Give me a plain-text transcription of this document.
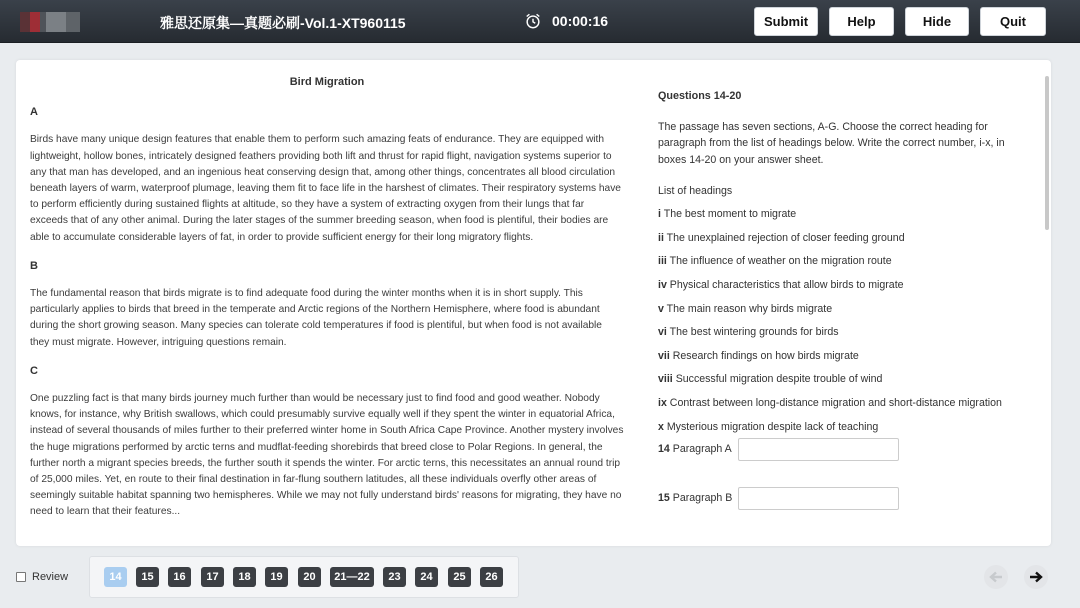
雅思还原集—真题必刷-Vol.1-XT960115	00:00:16	Submit	Help	Hide	Quit
Bird Migration
A

Birds have many unique design features that enable them to perform such amazing feats of endurance. They are equipped with lightweight, hollow bones, intricately designed feathers providing both lift and thrust for rapid flight, navigation systems superior to any that man has developed, and an ingenious heat conserving design that, among other things, concentrates all blood circulation beneath layers of warm, waterproof plumage, leaving them fit to face life in the harshest of climates. Their respiratory systems have to perform efficiently during sustained flights at altitude, so they have a system of extracting oxygen from their lungs that far exceeds that of any other animal. During the later stages of the summer breeding season, when food is plentiful, their bodies are able to accumulate considerable layers of fat, in order to provide sufficient energy for their long migratory flights.

B

The fundamental reason that birds migrate is to find adequate food during the winter months when it is in short supply. This particularly applies to birds that breed in the temperate and Arctic regions of the Northern Hemisphere, where food is abundant during the short growing season. Many species can tolerate cold temperatures if food is plentiful, but when food is not available they must migrate. However, intriguing questions remain.

C

One puzzling fact is that many birds journey much further than would be necessary just to find food and good weather. Nobody knows, for instance, why British swallows, which could presumably survive equally well if they spent the winter in equatorial Africa, instead of several thousands of miles further to their preferred winter home in South Africa Cape Province. Another mystery involves the huge migrations performed by arctic terns and mudflat-feeding shorebirds that breed close to Polar Regions. In general, the further north a migrant species breeds, the further south it spends the winter. For arctic terns, this necessitates an annual round trip of 25,000 miles. Yet, en route to their final destination in far-flung southern latitudes, all these individuals overfly other areas of seemingly suitable habitat spanning two hemispheres. While we may not fully understand birds' reasons for migrating, they have no need to learn that their features...

Questions 14-20
The passage has seven sections, A-G. Choose the correct heading for paragraph from the list of headings below. Write the correct number, i-x, in boxes 14-20 on your answer sheet.
List of headings
i The best moment to migrate
ii The unexplained rejection of closer feeding ground
iii The influence of weather on the migration route
iv Physical characteristics that allow birds to migrate
v The main reason why birds migrate
vi The best wintering grounds for birds
vii Research findings on how birds migrate
viii Successful migration despite trouble of wind
ix Contrast between long-distance migration and short-distance migration
x Mysterious migration despite lack of teaching
14 Paragraph A
15 Paragraph B
Review	14	15	16	17	18	19	20	21—22	23	24	25	26
